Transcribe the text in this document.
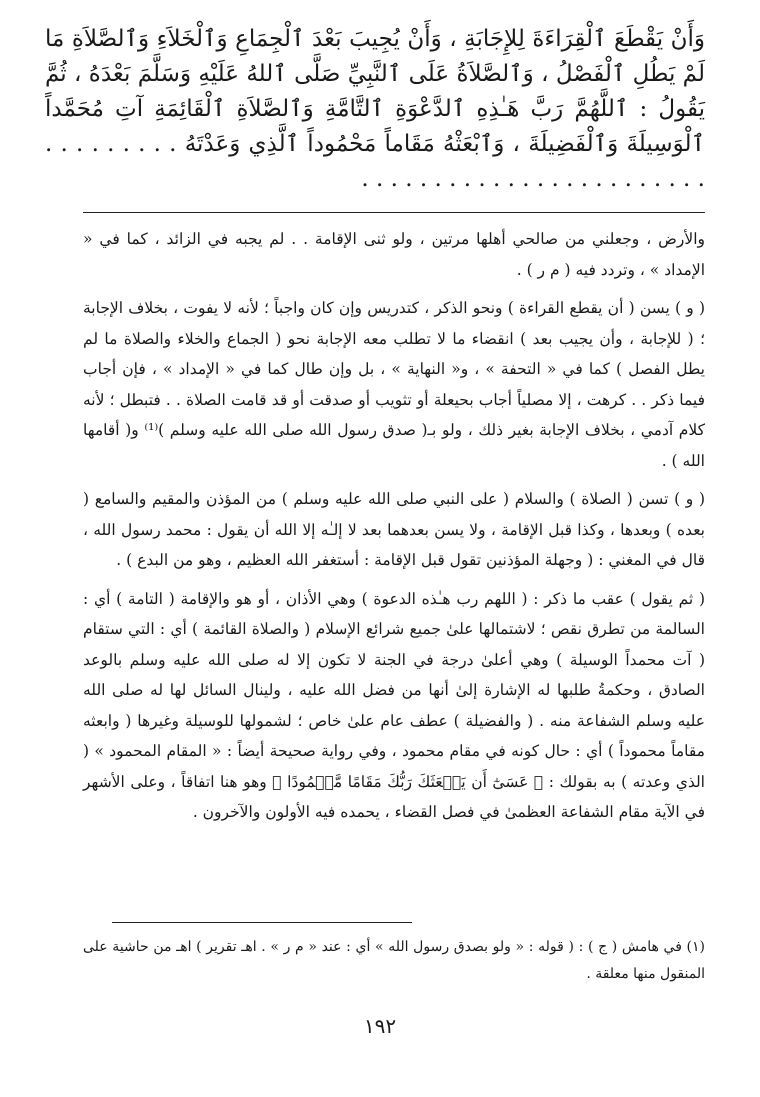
وَأَنْ يَقْطَعَ ٱلْقِرَاءَةَ لِلإِجَابَةِ ، وَأَنْ يُجِيبَ بَعْدَ ٱلْجِمَاعِ وَٱلْخَلاَءِ وَٱلصَّلاَةِ مَا لَمْ يَطُلِ ٱلْفَصْلُ ، وَٱلصَّلاَةُ عَلَى ٱلنَّبِيِّ صَلَّى ٱللهُ عَلَيْهِ وَسَلَّمَ بَعْدَهُ ، ثُمَّ يَقُولُ : ٱللَّهُمَّ رَبَّ هَـٰذِهِ ٱلدَّعْوَةِ ٱلتَّامَّةِ وَٱلصَّلاَةِ ٱلْقَائِمَةِ آتِ مُحَمَّداً ٱلْوَسِيلَةَ وَٱلْفَضِيلَةَ ، وَٱبْعَثْهُ مَقَاماً مَحْمُوداً ٱلَّذِي وَعَدْتَهُ . . . . . . . . . . . . . . . . . . . . . . . . . . . . . . . . .

والأرض ، وجعلني من صالحي أهلها مرتين ، ولو ثنى الإقامة . . لم يجبه في الزائد ، كما في « الإمداد » ، وتردد فيه ( م ر ) .

( و ) يسن ( أن يقطع القراءة ) ونحو الذكر ، كتدريس وإن كان واجباً ؛ لأنه لا يفوت ، بخلاف الإجابة ؛ ( للإجابة ، وأن يجيب بعد ) انقضاء ما لا تطلب معه الإجابة نحو ( الجماع والخلاء والصلاة ما لم يطل الفصل ) كما في « التحفة » ، و« النهاية » ، بل وإن طال كما في « الإمداد » ، فإن أجاب فيما ذكر . . كرهت ، إلا مصلياً أجاب بحيعلة أو تثويب أو صدقت أو قد قامت الصلاة . . فتبطل ؛ لأنه كلام آدمي ، بخلاف الإجابة بغير ذلك ، ولو بـ( صدق رسول الله صلى الله عليه وسلم )⁽¹⁾ و( أقامها الله ) .

( و ) تسن ( الصلاة ) والسلام ( على النبي صلى الله عليه وسلم ) من المؤذن والمقيم والسامع ( بعده ) وبعدها ، وكذا قبل الإقامة ، ولا يسن بعدهما بعد لا إلـٰه إلا الله أن يقول : محمد رسول الله ، قال في المغني : ( وجهلة المؤذنين تقول قبل الإقامة : أستغفر الله العظيم ، وهو من البدع ) .

( ثم يقول ) عقب ما ذكر : ( اللهم رب هـٰذه الدعوة ) وهي الأذان ، أو هو والإقامة ( التامة ) أي : السالمة من تطرق نقص ؛ لاشتمالها علىٰ جميع شرائع الإسلام ( والصلاة القائمة ) أي : التي ستقام ( آت محمداً الوسيلة ) وهي أعلىٰ درجة في الجنة لا تكون إلا له صلى الله عليه وسلم بالوعد الصادق ، وحكمةُ طلبها له الإشارة إلىٰ أنها من فضل الله عليه ، ولينال السائل لها له صلى الله عليه وسلم الشفاعة منه . ( والفضيلة ) عطف عام علىٰ خاص ؛ لشمولها للوسيلة وغيرها ( وابعثه مقاماً محموداً ) أي : حال كونه في مقام محمود ، وفي رواية صحيحة أيضاً : « المقام المحمود » ( الذي وعدته ) به بقولك : ﴿ عَسَىٰٓ أَن يَبۡعَثَكَ رَبُّكَ مَقَامًا مَّحۡمُودًا ﴾ وهو هنا اتفاقاً ، وعلى الأشهر في الآية مقام الشفاعة العظمىٰ في فصل القضاء ، يحمده فيه الأولون والآخرون .

(١) في هامش ( ج ) : ( قوله : « ولو بصدق رسول الله » أي : عند « م ر » . اهـ تقرير ) اهـ من حاشية على المنقول منها معلقة .

١٩٢
